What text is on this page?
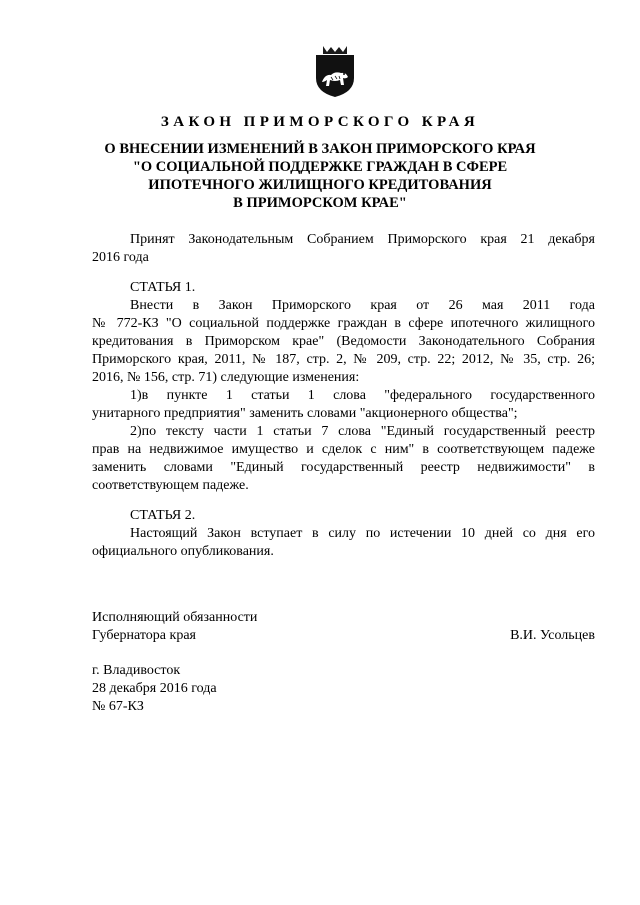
ЗАКОН ПРИМОРСКОГО КРАЯ
О ВНЕСЕНИИ ИЗМЕНЕНИЙ В ЗАКОН ПРИМОРСКОГО КРАЯ
"О СОЦИАЛЬНОЙ ПОДДЕРЖКЕ ГРАЖДАН В СФЕРЕ
ИПОТЕЧНОГО ЖИЛИЩНОГО КРЕДИТОВАНИЯ
В ПРИМОРСКОМ КРАЕ"
Принят Законодательным Собранием Приморского края 21 декабря
2016 года
СТАТЬЯ 1.
Внести в Закон Приморского края от 26 мая 2011 года
№ 772-КЗ "О социальной поддержке граждан в сфере ипотечного жилищного
кредитования в Приморском крае" (Ведомости Законодательного Собрания
Приморского края, 2011, № 187, стр. 2, № 209, стр. 22; 2012, № 35, стр. 26;
2016, № 156, стр. 71) следующие изменения:
1)в пункте 1 статьи 1 слова "федерального государственного
унитарного предприятия" заменить словами "акционерного общества";
2)по тексту части 1 статьи 7 слова "Единый государственный реестр
прав на недвижимое имущество и сделок с ним" в соответствующем падеже
заменить словами "Единый государственный реестр недвижимости" в
соответствующем падеже.
СТАТЬЯ 2.
Настоящий Закон вступает в силу по истечении 10 дней со дня его
официального опубликования.
Исполняющий обязанности
Губернатора края	В.И. Усольцев
г. Владивосток
28 декабря 2016 года
№ 67-КЗ
